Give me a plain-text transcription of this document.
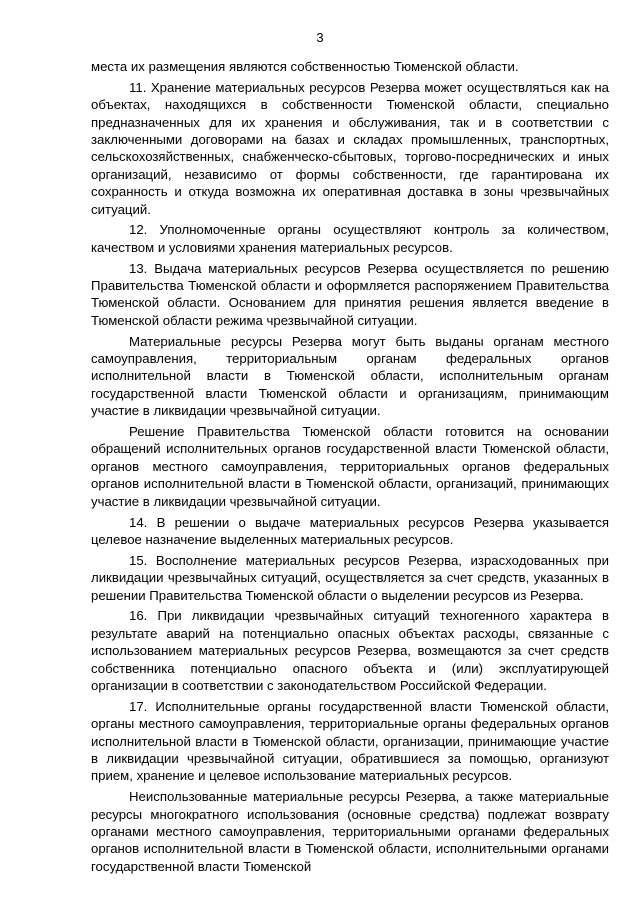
3

места их размещения являются собственностью Тюменской области.

11. Хранение материальных ресурсов Резерва может осуществляться как на объектах, находящихся в собственности Тюменской области, специально предназначенных для их хранения и обслуживания, так и в соответствии с заключенными договорами на базах и складах промышленных, транспортных, сельскохозяйственных, снабженческо-сбытовых, торгово-посреднических и иных организаций, независимо от формы собственности, где гарантирована их сохранность и откуда возможна их оперативная доставка в зоны чрезвычайных ситуаций.

12. Уполномоченные органы осуществляют контроль за количеством, качеством и условиями хранения материальных ресурсов.

13. Выдача материальных ресурсов Резерва осуществляется по решению Правительства Тюменской области и оформляется распоряжением Правительства Тюменской области. Основанием для принятия решения является введение в Тюменской области режима чрезвычайной ситуации.

Материальные ресурсы Резерва могут быть выданы органам местного самоуправления, территориальным органам федеральных органов исполнительной власти в Тюменской области, исполнительным органам государственной власти Тюменской области и организациям, принимающим участие в ликвидации чрезвычайной ситуации.

Решение Правительства Тюменской области готовится на основании обращений исполнительных органов государственной власти Тюменской области, органов местного самоуправления, территориальных органов федеральных органов исполнительной власти в Тюменской области, организаций, принимающих участие в ликвидации чрезвычайной ситуации.

14. В решении о выдаче материальных ресурсов Резерва указывается целевое назначение выделенных материальных ресурсов.

15. Восполнение материальных ресурсов Резерва, израсходованных при ликвидации чрезвычайных ситуаций, осуществляется за счет средств, указанных в решении Правительства Тюменской области о выделении ресурсов из Резерва.

16. При ликвидации чрезвычайных ситуаций техногенного характера в результате аварий на потенциально опасных объектах расходы, связанные с использованием материальных ресурсов Резерва, возмещаются за счет средств собственника потенциально опасного объекта и (или) эксплуатирующей организации в соответствии с законодательством Российской Федерации.

17. Исполнительные органы государственной власти Тюменской области, органы местного самоуправления, территориальные органы федеральных органов исполнительной власти в Тюменской области, организации, принимающие участие в ликвидации чрезвычайной ситуации, обратившиеся за помощью, организуют прием, хранение и целевое использование материальных ресурсов.

Неиспользованные материальные ресурсы Резерва, а также материальные ресурсы многократного использования (основные средства) подлежат возврату органами местного самоуправления, территориальными органами федеральных органов исполнительной власти в Тюменской области, исполнительными органами государственной власти Тюменской
